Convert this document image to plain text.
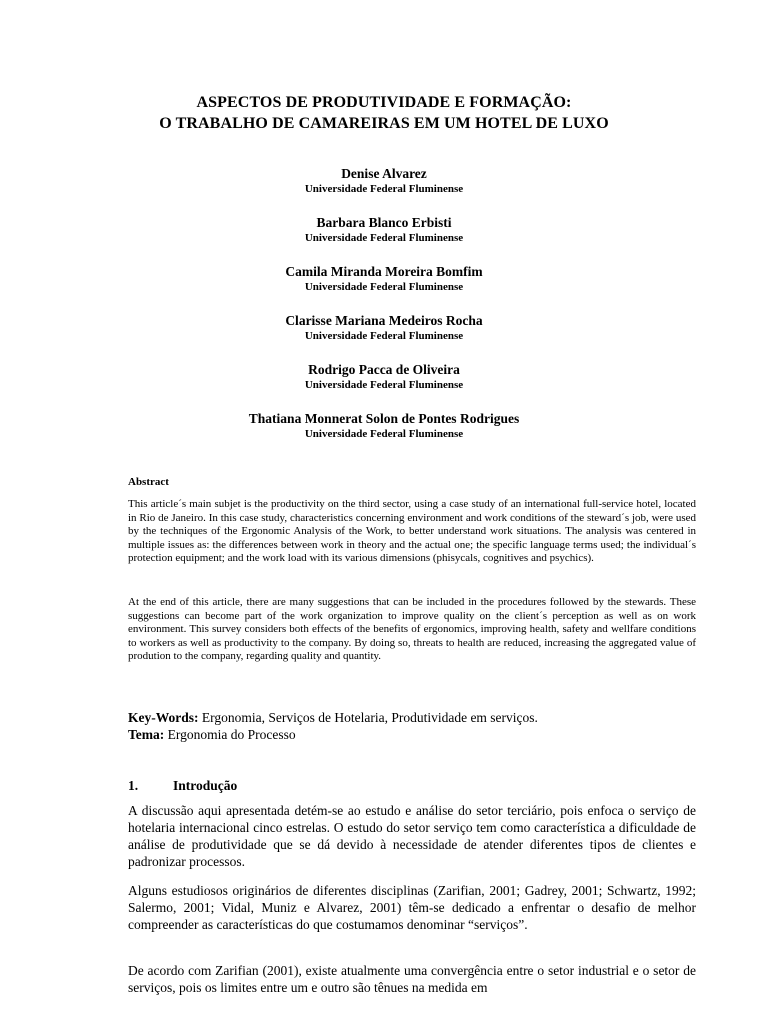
ASPECTOS DE PRODUTIVIDADE E FORMAÇÃO:
O TRABALHO DE CAMAREIRAS EM UM HOTEL DE LUXO
Denise Alvarez
Universidade Federal Fluminense
Barbara Blanco Erbisti
Universidade Federal Fluminense
Camila Miranda Moreira Bomfim
Universidade Federal Fluminense
Clarisse Mariana Medeiros Rocha
Universidade Federal Fluminense
Rodrigo Pacca de Oliveira
Universidade Federal Fluminense
Thatiana Monnerat Solon de Pontes Rodrigues
Universidade Federal Fluminense
Abstract

This article´s main subjet is the productivity on the third sector, using a case study of an international full-service hotel, located in Rio de Janeiro. In this case study, characteristics concerning environment and work conditions of the steward´s job, were used by the techniques of the Ergonomic Analysis of the Work, to better understand work situations. The analysis was centered in multiple issues as: the differences between work in theory and the actual one; the specific language terms used; the individual´s protection equipment; and the work load with its various dimensions (phisycals, cognitives and psychics).

At the end of this article, there are many suggestions that can be included in the procedures followed by the stewards. These suggestions can become part of the work organization to improve quality on the client´s perception as well as on work environment. This survey considers both effects of the benefits of ergonomics, improving health, safety and wellfare conditions to workers as well as productivity to the company. By doing so, threats to health are reduced, increasing the aggregated value of prodution to the company, regarding quality and quantity.

Key-Words: Ergonomia, Serviços de Hotelaria, Produtividade em serviços.
Tema: Ergonomia do Processo
1.	Introdução

A discussão aqui apresentada detém-se ao estudo e análise do setor terciário, pois enfoca o serviço de hotelaria internacional cinco estrelas. O estudo do setor serviço tem como característica a dificuldade de análise de produtividade que se dá devido à necessidade de atender diferentes tipos de clientes e padronizar processos.

Alguns estudiosos originários de diferentes disciplinas (Zarifian, 2001; Gadrey, 2001; Schwartz, 1992; Salermo, 2001; Vidal, Muniz e Alvarez, 2001) têm-se dedicado a enfrentar o desafio de melhor compreender as características do que costumamos denominar “serviços”.

De acordo com Zarifian (2001), existe atualmente uma convergência entre o setor industrial e o setor de serviços, pois os limites entre um e outro são tênues na medida em
